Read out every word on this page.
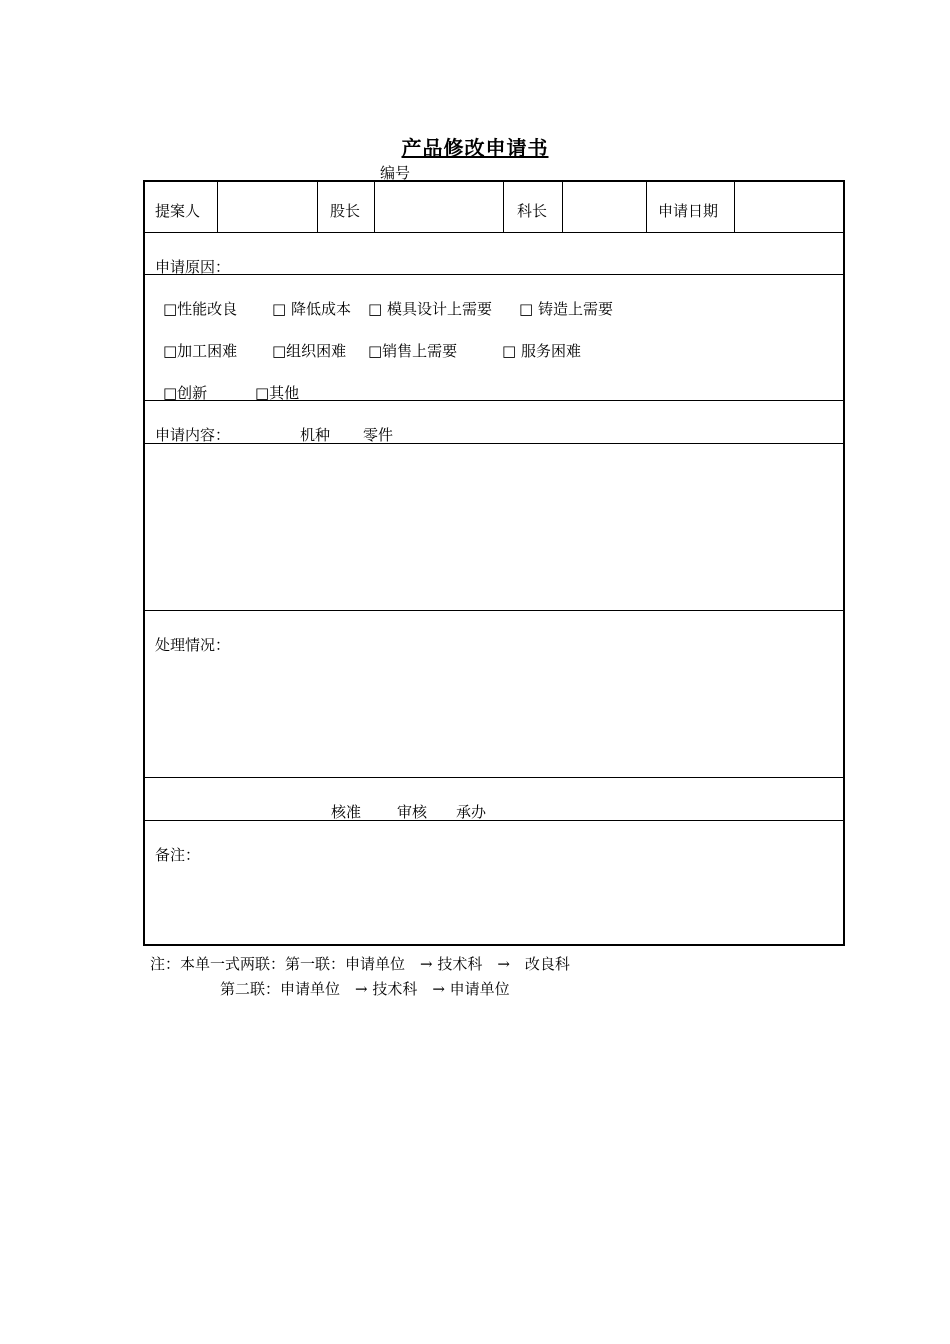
产品修改申请书
编号
提案人	股长	科长	申请日期
申请原因：
□性能改良 □ 降低成本 □ 模具设计上需要 □ 铸造上需要
□加工困难 □组织困难 □销售上需要	□ 服务困难
□创新	□其他
申请内容：	机种 零件
处理情况：
核准 审核 承办
备注：
注：本单一式两联：第一联：申请单位　→ 技术科　→　改良科
第二联：申请单位　→ 技术科　→ 申请单位
